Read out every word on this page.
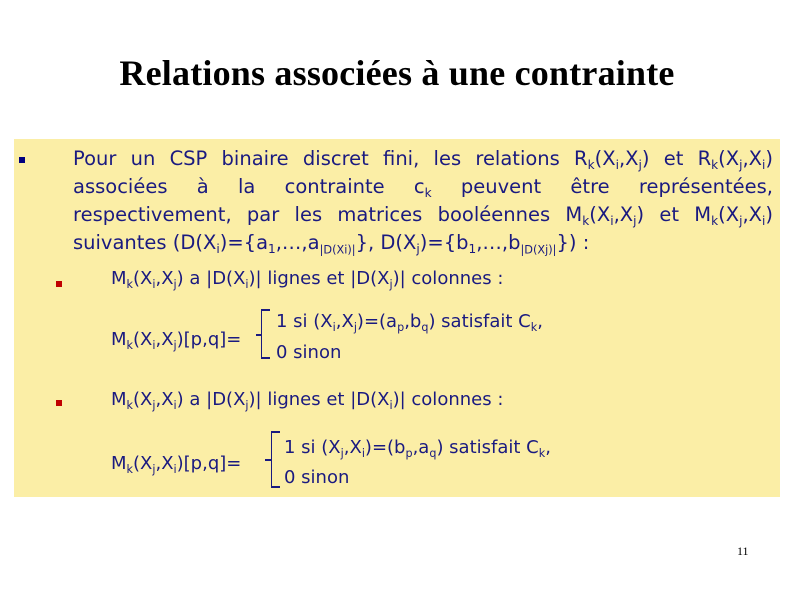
Relations associées à une contrainte
Pour un CSP binaire discret fini, les relations $R_k(X_i,X_j)$ et $R_k(X_j,X_i)$
associées à la contrainte $c_k$ peuvent être représentées,
respectivement, par les matrices booléennes $M_k(X_i,X_j)$ et $M_k(X_j,X_i)$
suivantes ($D(X_i)=\{a_1,\dots,a_{|D(Xi)|}\}$, $D(X_j)=\{b_1,\dots,b_{|D(Xj)|}\}$) :
$M_k(X_i,X_j)$ a $|D(X_i)|$ lignes et $|D(X_j)|$ colonnes :
$M_k(X_i,X_j)[p,q]=$
1 si $(X_i,X_j)=(a_p,b_q)$ satisfait $C_k$,
0 sinon
$M_k(X_j,X_i)$ a $|D(X_j)|$ lignes et $|D(X_i)|$ colonnes :
$M_k(X_j,X_i)[p,q]=$
1 si $(X_j,X_i)=(b_p,a_q)$ satisfait $C_k$,
0 sinon
11
